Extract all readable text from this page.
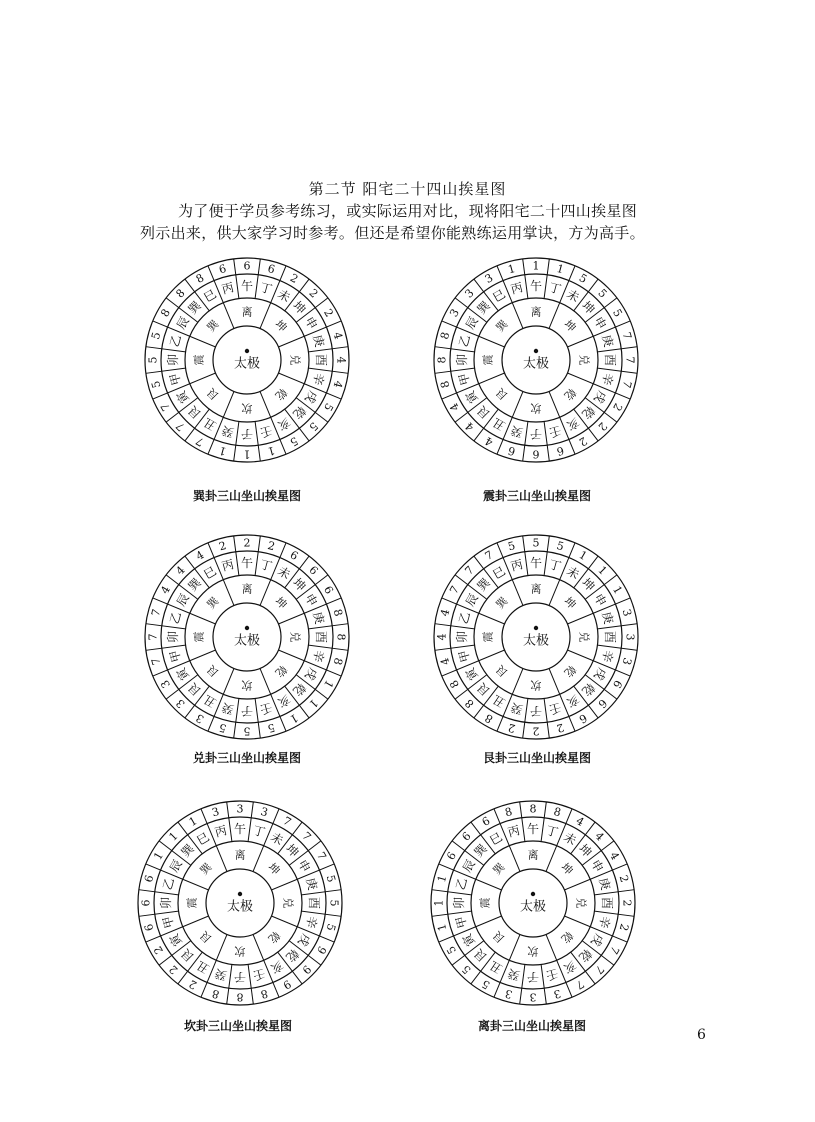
第二节 阳宅二十四山挨星图
为了便于学员参考练习，或实际运用对比，现将阳宅二十四山挨星图
列示出来，供大家学习时参考。但还是希望你能熟练运用掌诀，方为高手。
6 6 6
2
2
2
4
4
4
5
5
5
1
1
1
7
7
7
5
5
5
8
8
8
丙 午 丁 未
坤
申
庚
酉
辛
戌
乾
亥
壬
子
癸
丑
艮
寅
甲
卯
乙
辰
巽
巳
离
坤
兑
乾
坎
艮
震
巽
太极
巽卦三山坐山挨星图
1 1 1
5
5
5
7
7
7
2
2
2
6
6
6
4
4
4
8
8
8
3
3
3
丙 午 丁 未
坤
申
庚
酉
辛
戌
乾
亥
壬
子
癸
丑
艮
寅
甲
卯
乙
辰
巽
巳
离
坤
兑
乾
坎
艮
震
巽
太极
震卦三山坐山挨星图
2 2 2
6
6
6
8
8
8
1
1
1
5
5
5
3
3
3
7
7
7
4
4
4
丙 午 丁 未
坤
申
庚
酉
辛
戌
乾
亥
壬
子
癸
丑
艮
寅
甲
卯
乙
辰
巽
巳
离
坤
兑
乾
坎
艮
震
巽
太极
兑卦三山坐山挨星图
5 5 5
1
1
1
3
3
3
6
6
6
2
2
2
8
8
8
4
4
4
7
7
7
丙 午 丁 未
坤
申
庚
酉
辛
戌
乾
亥
壬
子
癸
丑
艮
寅
甲
卯
乙
辰
巽
巳
离
坤
兑
乾
坎
艮
震
巽
太极
艮卦三山坐山挨星图
3 3 3
7
7
7
5
5
5
9
9
9
8
8
8
2
2
2
6
6
6
1
1
1
丙 午 丁 未
坤
申
庚
酉
辛
戌
乾
亥
壬
子
癸
丑
艮
寅
甲
卯
乙
辰
巽
巳
离
坤
兑
乾
坎
艮
震
巽
太极
坎卦三山坐山挨星图
8 8 8
4
4
4
2
2
2
7
7
7
3
3
3
5
5
5
1
1
1
6
6
6
丙 午 丁 未
坤
申
庚
酉
辛
戌
乾
亥
壬
子
癸
丑
艮
寅
甲
卯
乙
辰
巽
巳
离
坤
兑
乾
坎
艮
震
巽
太极
离卦三山坐山挨星图
6
